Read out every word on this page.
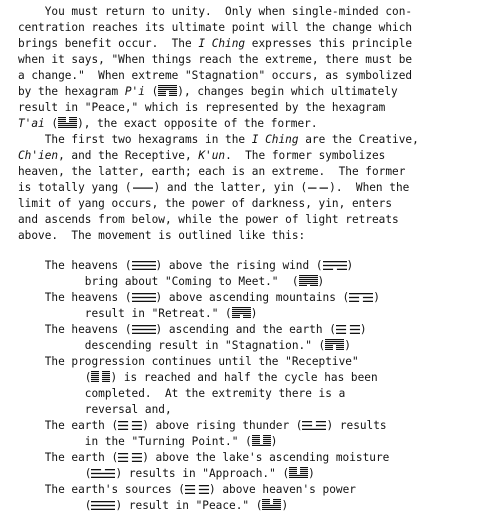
You must return to unity.  Only when single-minded con-
centration reaches its ultimate point will the change which
brings benefit occur.  The I Ching expresses this principle
when it says, "When things reach the extreme, there must be
a change."  When extreme "Stagnation" occurs, as symbolized
by the hexagram P'i ( ), changes begin which ultimately
result in "Peace," which is represented by the hexagram
T'ai ( ), the exact opposite of the former.
The first two hexagrams in the I Ching are the Creative,
Ch'ien, and the Receptive, K'un.  The former symbolizes
heaven, the latter, earth; each is an extreme.  The former
is totally yang ( ) and the latter, yin ( ).  When the
limit of yang occurs, the power of darkness, yin, enters
and ascends from below, while the power of light retreats
above.  The movement is outlined like this:
The heavens ( ) above the rising wind ( )
bring about "Coming to Meet."  ( )
The heavens ( ) above ascending mountains ( )
result in "Retreat." ( )
The heavens ( ) ascending and the earth ( )
descending result in "Stagnation." ( )
The progression continues until the "Receptive"
( ) is reached and half the cycle has been
completed.  At the extremity there is a
reversal and,
The earth ( ) above rising thunder ( ) results
in the "Turning Point." ( )
The earth ( ) above the lake's ascending moisture
( ) results in "Approach." ( )
The earth's sources ( ) above heaven's power
( ) result in "Peace." ( )
